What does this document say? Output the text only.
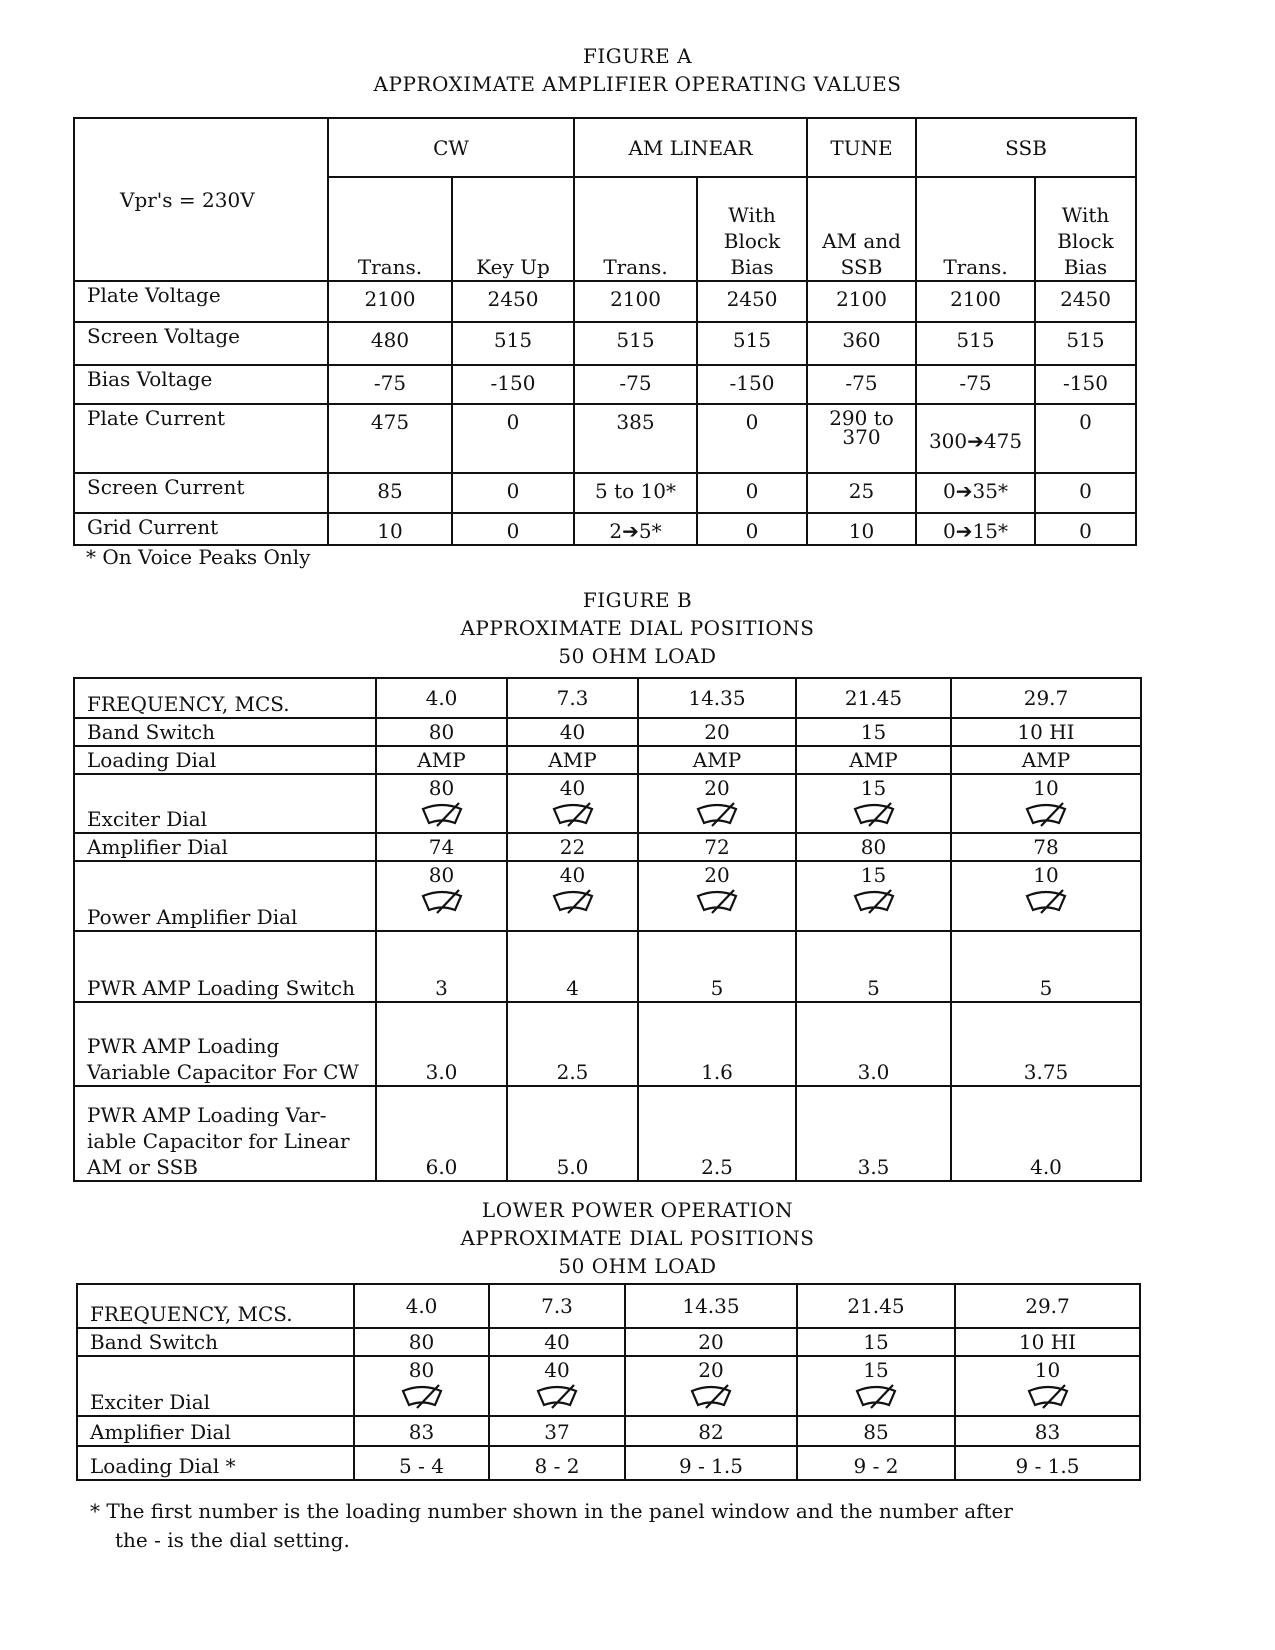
FIGURE A
APPROXIMATE AMPLIFIER OPERATING VALUES
Vpr's = 230V	CW		AM LINEAR		TUNE	SSB	
	Trans.	Key Up	Trans.	With Block Bias	AM and SSB	Trans.	With Block Bias
Plate Voltage	2100	2450	2100	2450	2100	2100	2450
Screen Voltage	480	515	515	515	360	515	515
Bias Voltage	-75	-150	-75	-150	-75	-75	-150
Plate Current	475	0	385	0	290 to 370	300➔475	0
Screen Current	85	0	5 to 10*	0	25	0➔35*	0
Grid Current	10	0	2➔5*	0	10	0➔15*	0
* On Voice Peaks Only
FIGURE B
APPROXIMATE DIAL POSITIONS
50 OHM LOAD
FREQUENCY, MCS.	4.0	7.3	14.35	21.45	29.7
Band Switch	80	40	20	15	10 HI
Loading Dial	AMP	AMP	AMP	AMP	AMP
Exciter Dial	80	40	20	15	10

Amplifier Dial	74	22	72	80	78
Power Amplifier Dial	80	40	20	15	10

PWR AMP Loading Switch	3	4	5	5	5
PWR AMP Loading Variable Capacitor For CW	3.0	2.5	1.6	3.0	3.75
PWR AMP Loading Var-iable Capacitor for Linear AM or SSB	6.0	5.0	2.5	3.5	4.0
LOWER POWER OPERATION
APPROXIMATE DIAL POSITIONS
50 OHM LOAD
FREQUENCY, MCS.	4.0	7.3	14.35	21.45	29.7
Band Switch	80	40	20	15	10 HI
Exciter Dial	80	40	20	15	10

Amplifier Dial	83	37	82	85	83
Loading Dial *	5 - 4	8 - 2	9 - 1.5	9 - 2	9 - 1.5
* The first number is the loading number shown in the panel window and the number after
the - is the dial setting.
